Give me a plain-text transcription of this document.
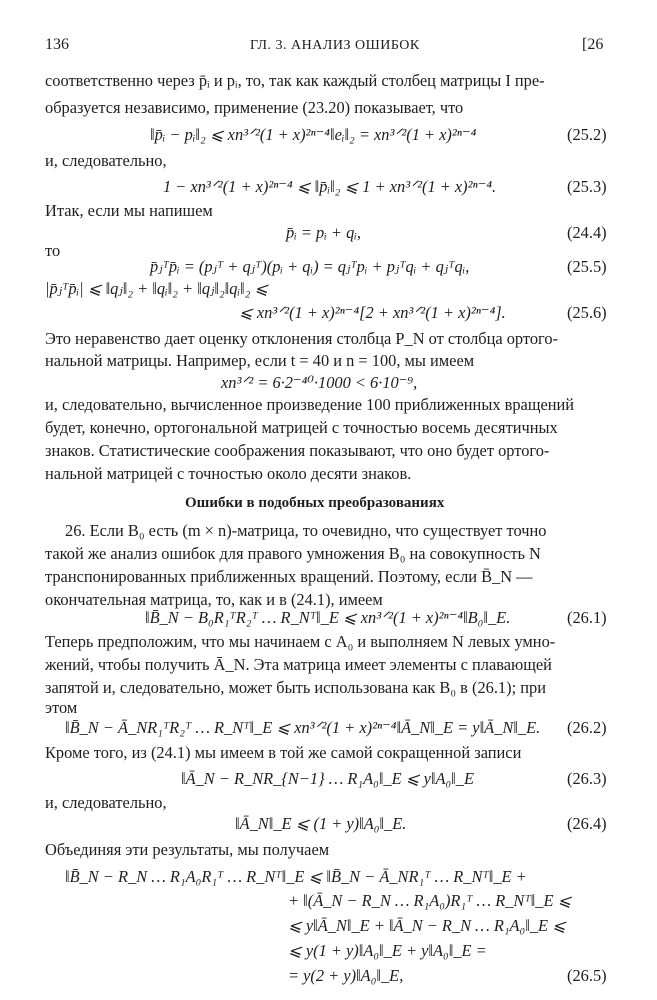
136	ГЛ. 3. АНАЛИЗ ОШИБОК	[26
соответственно через p̄ᵢ и pᵢ, то, так как каждый столбец матрицы I пре-
образуется независимо, применение (23.20) показывает, что
‖p̄ᵢ − pᵢ‖₂ ⩽ xn³ᐟ²(1 + x)²ⁿ⁻⁴‖eᵢ‖₂ = xn³ᐟ²(1 + x)²ⁿ⁻⁴	(25.2)
и, следовательно,
1 − xn³ᐟ²(1 + x)²ⁿ⁻⁴ ⩽ ‖p̄ᵢ‖₂ ⩽ 1 + xn³ᐟ²(1 + x)²ⁿ⁻⁴.	(25.3)
Итак, если мы напишем
p̄ᵢ = pᵢ + qᵢ,	(24.4)
то
p̄ⱼᵀp̄ᵢ = (pⱼᵀ + qⱼᵀ)(pᵢ + qᵢ) = qⱼᵀpᵢ + pⱼᵀqᵢ + qⱼᵀqᵢ,	(25.5)
|p̄ⱼᵀp̄ᵢ| ⩽ ‖qⱼ‖₂ + ‖qᵢ‖₂ + ‖qⱼ‖₂‖qᵢ‖₂ ⩽
⩽ xn³ᐟ²(1 + x)²ⁿ⁻⁴[2 + xn³ᐟ²(1 + x)²ⁿ⁻⁴].	(25.6)
Это неравенство дает оценку отклонения столбца P_N от столбца ортого-
нальной матрицы. Например, если t = 40 и n = 100, мы имеем
xn³ᐟ² = 6·2⁻⁴⁰·1000 < 6·10⁻⁹,
и, следовательно, вычисленное произведение 100 приближенных вращений
будет, конечно, ортогональной матрицей с точностью восемь десятичных
знаков. Статистические соображения показывают, что оно будет ортого-
нальной матрицей с точностью около десяти знаков.
Ошибки в подобных преобразованиях
26. Если B₀ есть (m × n)-матрица, то очевидно, что существует точно
такой же анализ ошибок для правого умножения B₀ на совокупность N
транспонированных приближенных вращений. Поэтому, если B̄_N —
окончательная матрица, то, как и в (24.1), имеем
‖B̄_N − B₀R₁ᵀR₂ᵀ … R_Nᵀ‖_E ⩽ xn³ᐟ²(1 + x)²ⁿ⁻⁴‖B₀‖_E.	(26.1)
Теперь предположим, что мы начинаем с A₀ и выполняем N левых умно-
жений, чтобы получить Ā_N. Эта матрица имеет элементы с плавающей
запятой и, следовательно, может быть использована как B₀ в (26.1); при
этом
‖B̄_N − Ā_NR₁ᵀR₂ᵀ … R_Nᵀ‖_E ⩽ xn³ᐟ²(1 + x)²ⁿ⁻⁴‖Ā_N‖_E = y‖Ā_N‖_E. (26.2)
Кроме того, из (24.1) мы имеем в той же самой сокращенной записи
‖Ā_N − R_NR_{N−1} … R₁A₀‖_E ⩽ y‖A₀‖_E	(26.3)
и, следовательно,
‖Ā_N‖_E ⩽ (1 + y)‖A₀‖_E.	(26.4)
Объединяя эти результаты, мы получаем
‖B̄_N − R_N … R₁A₀R₁ᵀ … R_Nᵀ‖_E ⩽ ‖B̄_N − Ā_NR₁ᵀ … R_Nᵀ‖_E +
+ ‖(Ā_N − R_N … R₁A₀)R₁ᵀ … R_Nᵀ‖_E ⩽
⩽ y‖Ā_N‖_E + ‖Ā_N − R_N … R₁A₀‖_E ⩽
⩽ y(1 + y)‖A₀‖_E + y‖A₀‖_E =
= y(2 + y)‖A₀‖_E,	(26.5)
